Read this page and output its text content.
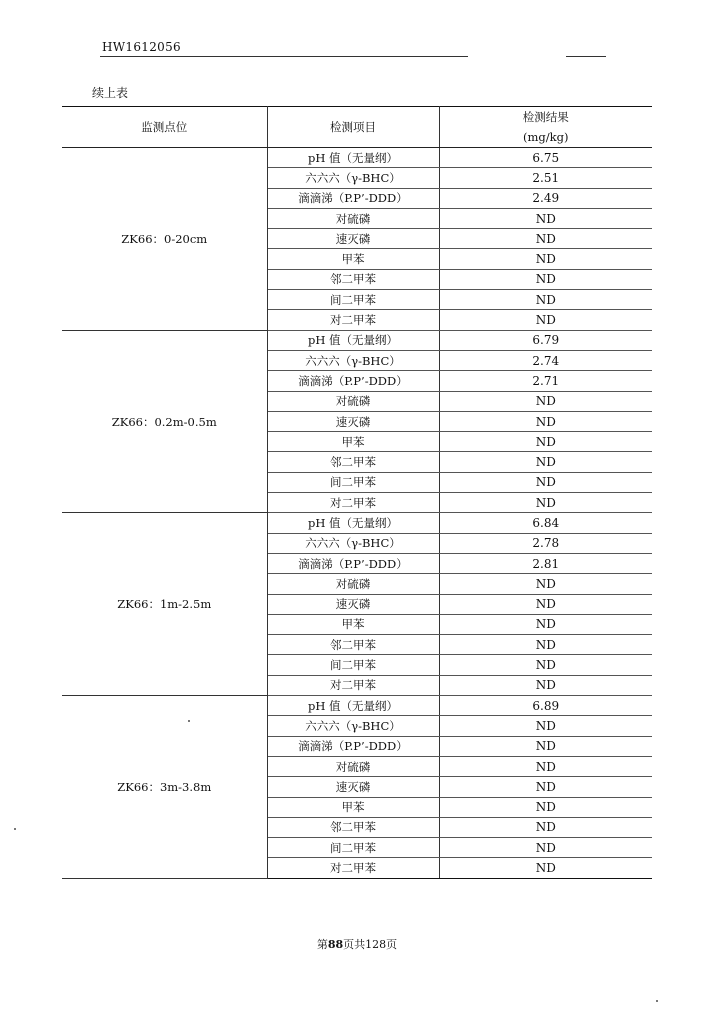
HW1612056
续上表
监测点位	检测项目	检测结果
(mg/kg)

ZK66：0-20cm	pH 值（无量纲）	6.75
	六六六（γ-BHC）	2.51
	滴滴涕（P.P’-DDD）	2.49
	对硫磷	ND
	速灭磷	ND
	甲苯	ND
	邻二甲苯	ND
	间二甲苯	ND
	对二甲苯	ND
ZK66：0.2m-0.5m	pH 值（无量纲）	6.79
	六六六（γ-BHC）	2.74
	滴滴涕（P.P’-DDD）	2.71
	对硫磷	ND
	速灭磷	ND
	甲苯	ND
	邻二甲苯	ND
	间二甲苯	ND
	对二甲苯	ND
ZK66：1m-2.5m	pH 值（无量纲）	6.84
	六六六（γ-BHC）	2.78
	滴滴涕（P.P’-DDD）	2.81
	对硫磷	ND
	速灭磷	ND
	甲苯	ND
	邻二甲苯	ND
	间二甲苯	ND
	对二甲苯	ND
ZK66：3m-3.8m	pH 值（无量纲）	6.89
	六六六（γ-BHC）	ND
	滴滴涕（P.P’-DDD）	ND
	对硫磷	ND
	速灭磷	ND
	甲苯	ND
	邻二甲苯	ND
	间二甲苯	ND
	对二甲苯	ND
第88页共128页
